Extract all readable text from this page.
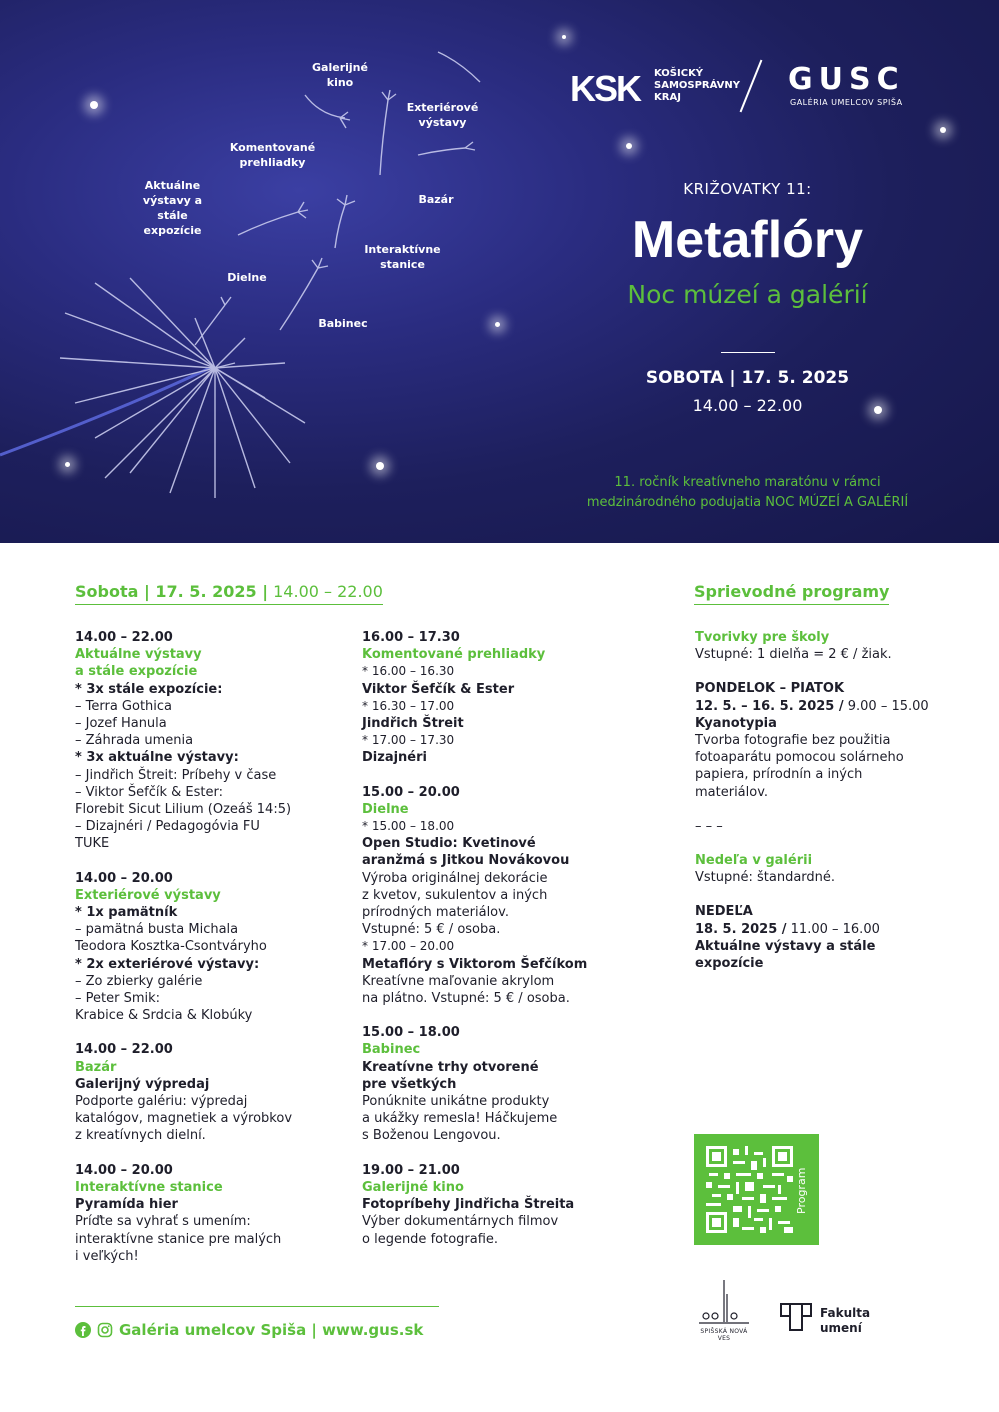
Galerijné kino
Exteriérové výstavy
Komentované prehliadky
Aktuálne výstavy a stále expozície
Bazár
Interaktívne stanice
Dielne
Babinec
KSK KOŠICKÝ
SAMOSPRÁVNY
KRAJ
GUSC
GALÉRIA UMELCOV SPIŠA
KRIŽOVATKY 11:
Metaflóry
Noc múzeí a galérií
SOBOTA | 17. 5. 2025
14.00 – 22.00
11. ročník kreatívneho maratónu v rámci
medzinárodného podujatia NOC MÚZEÍ A GALÉRIÍ
Sobota | 17. 5. 2025 | 14.00 – 22.00
14.00 – 22.00
Aktuálne výstavy
a stále expozície
* 3x stále expozície:
– Terra Gothica
– Jozef Hanula
– Záhrada umenia
* 3x aktuálne výstavy:
– Jindřich Štreit: Príbehy v čase
– Viktor Šefčík & Ester:
Florebit Sicut Lilium (Ozeáš 14:5)
– Dizajnéri / Pedagogóvia FU
TUKE
14.00 – 20.00
Exteriérové výstavy
* 1x pamätník
– pamätná busta Michala
Teodora Kosztka-Csontváryho
* 2x exteriérové výstavy:
– Zo zbierky galérie
– Peter Smik:
Krabice & Srdcia & Klobúky
14.00 – 22.00
Bazár
Galerijný výpredaj
Podporte galériu: výpredaj
katalógov, magnetiek a výrobkov
z kreatívnych dielní.
14.00 – 20.00
Interaktívne stanice
Pyramída hier
Príďte sa vyhrať s umením:
interaktívne stanice pre malých
i veľkých!
16.00 – 17.30
Komentované prehliadky
* 16.00 – 16.30
Viktor Šefčík & Ester
* 16.30 – 17.00
Jindřich Štreit
* 17.00 – 17.30
Dizajnéri
15.00 – 20.00
Dielne
* 15.00 – 18.00
Open Studio: Kvetinové
aranžmá s Jitkou Novákovou
Výroba originálnej dekorácie
z kvetov, sukulentov a iných
prírodných materiálov.
Vstupné: 5 € / osoba.
* 17.00 – 20.00
Metaflóry s Viktorom Šefčíkom
Kreatívne maľovanie akrylom
na plátno. Vstupné: 5 € / osoba.
15.00 – 18.00
Babinec
Kreatívne trhy otvorené
pre všetkých
Ponúknite unikátne produkty
a ukážky remesla! Háčkujeme
s Boženou Lengovou.
19.00 – 21.00
Galerijné kino
Fotopríbehy Jindřicha Štreita
Výber dokumentárnych filmov
o legende fotografie.
Sprievodné programy
Tvorivky pre školy
Vstupné: 1 dielňa = 2 € / žiak.
PONDELOK – PIATOK
12. 5. – 16. 5. 2025 / 9.00 – 15.00
Kyanotypia
Tvorba fotografie bez použitia
fotoaparátu pomocou solárneho
papiera, prírodnín a iných
materiálov.
– – –
Nedeľa v galérii
Vstupné: štandardné.
NEDEĽA
18. 5. 2025 / 11.00 – 16.00
Aktuálne výstavy a stále
expozície
Program
SPIŠSKÁ NOVÁ VES
Fakulta
umení
Galéria umelcov Spiša | www.gus.sk
